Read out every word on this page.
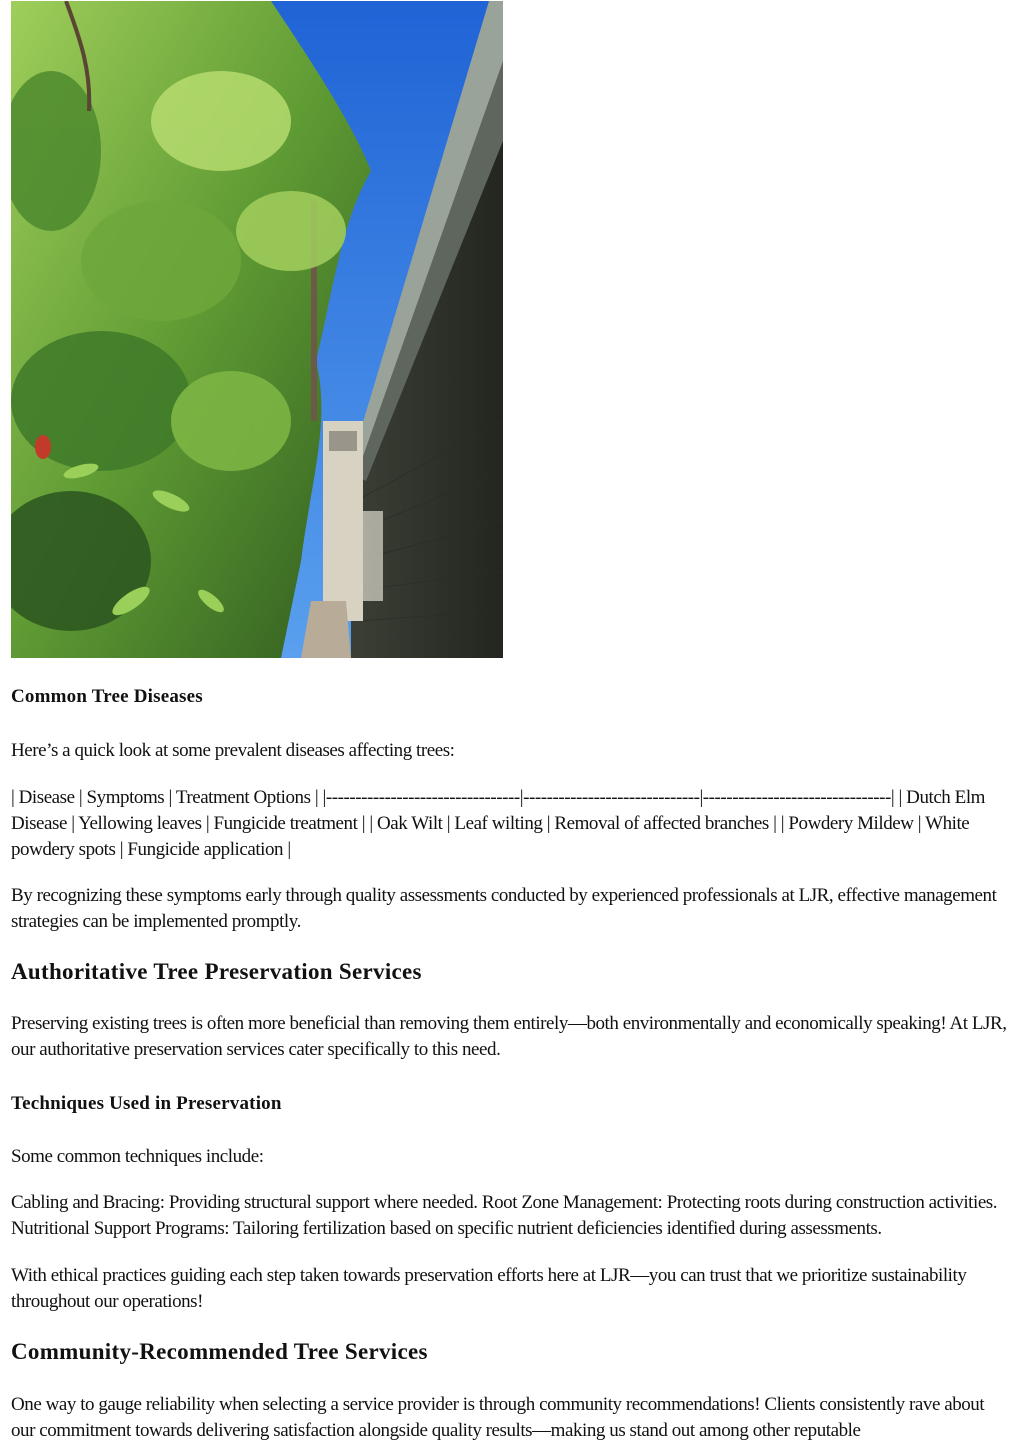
Common Tree Diseases
Here’s a quick look at some prevalent diseases affecting trees:
| Disease | Symptoms | Treatment Options | |---------------------------------|------------------------------|--------------------------------| | Dutch Elm Disease | Yellowing leaves | Fungicide treatment | | Oak Wilt | Leaf wilting | Removal of affected branches | | Powdery Mildew | White powdery spots | Fungicide application |
By recognizing these symptoms early through quality assessments conducted by experienced professionals at LJR, effective management strategies can be implemented promptly.
Authoritative Tree Preservation Services
Preserving existing trees is often more beneficial than removing them entirely—both environmentally and economically speaking! At LJR, our authoritative preservation services cater specifically to this need.
Techniques Used in Preservation
Some common techniques include:
Cabling and Bracing: Providing structural support where needed. Root Zone Management: Protecting roots during construction activities. Nutritional Support Programs: Tailoring fertilization based on specific nutrient deficiencies identified during assessments.
With ethical practices guiding each step taken towards preservation efforts here at LJR—you can trust that we prioritize sustainability throughout our operations!
Community-Recommended Tree Services
One way to gauge reliability when selecting a service provider is through community recommendations! Clients consistently rave about our commitment towards delivering satisfaction alongside quality results—making us stand out among other reputable
